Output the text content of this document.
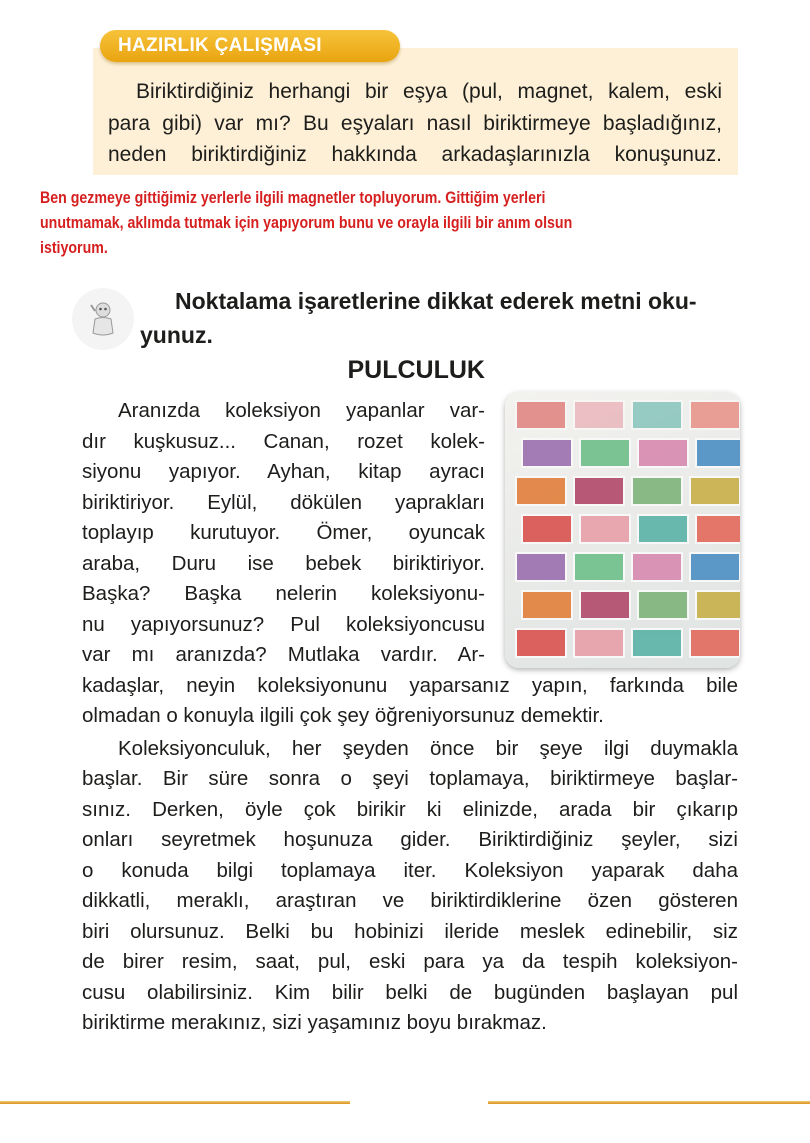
HAZIRLIK ÇALIŞMASI
Biriktirdiğiniz herhangi bir eşya (pul, magnet, kalem, eski
para gibi) var mı? Bu eşyaları nasıl biriktirmeye başladığınız,
neden biriktirdiğiniz hakkında arkadaşlarınızla konuşunuz.
Ben gezmeye gittiğimiz yerlerle ilgili magnetler topluyorum. Gittiğim yerleri
unutmamak, aklımda tutmak için yapıyorum bunu ve orayla ilgili bir anım olsun
istiyorum.
Noktalama işaretlerine dikkat ederek metni oku-
yunuz.
PULCULUK
Aranızda koleksiyon yapanlar var-
dır kuşkusuz... Canan, rozet kolek-
siyonu yapıyor. Ayhan, kitap ayracı
biriktiriyor. Eylül, dökülen yaprakları
toplayıp kurutuyor. Ömer, oyuncak
araba, Duru ise bebek biriktiriyor.
Başka? Başka nelerin koleksiyonu-
nu yapıyorsunuz? Pul koleksiyoncusu
var mı aranızda? Mutlaka vardır. Ar-
kadaşlar, neyin koleksiyonunu yaparsanız yapın, farkında bile
olmadan o konuyla ilgili çok şey öğreniyorsunuz demektir.
Koleksiyonculuk, her şeyden önce bir şeye ilgi duymakla
başlar. Bir süre sonra o şeyi toplamaya, biriktirmeye başlar-
sınız. Derken, öyle çok birikir ki elinizde, arada bir çıkarıp
onları seyretmek hoşunuza gider. Biriktirdiğiniz şeyler, sizi
o konuda bilgi toplamaya iter. Koleksiyon yaparak daha
dikkatli, meraklı, araştıran ve biriktirdiklerine özen gösteren
biri olursunuz. Belki bu hobinizi ileride meslek edinebilir, siz
de birer resim, saat, pul, eski para ya da tespih koleksiyon-
cusu olabilirsiniz. Kim bilir belki de bugünden başlayan pul
biriktirme merakınız, sizi yaşamınız boyu bırakmaz.
